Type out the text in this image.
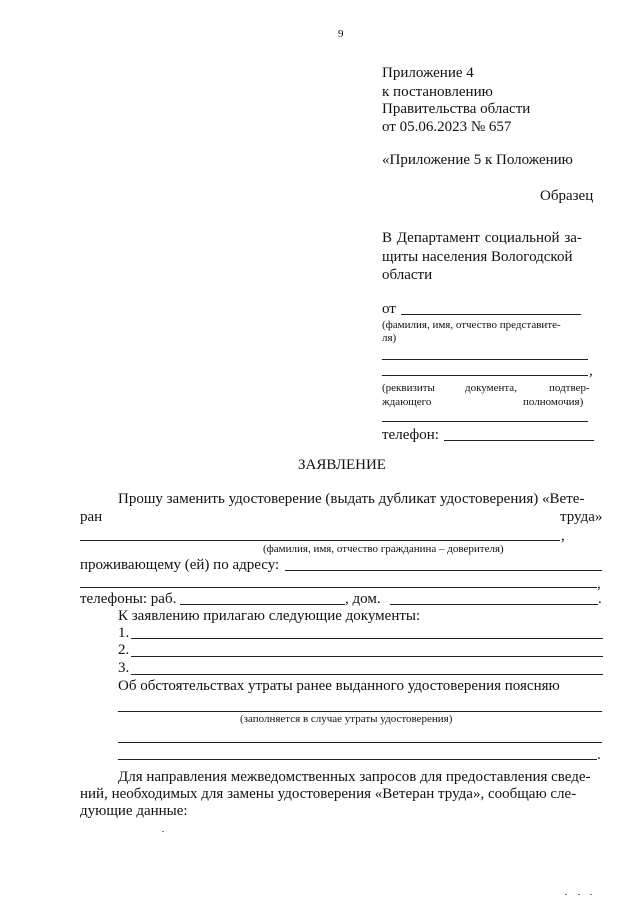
9
Приложение 4
к постановлению
Правительства области
от 05.06.2023 № 657
«Приложение 5 к Положению
Образец
В Департамент социальной за-
щиты населения Вологодской
области
от
(фамилия, имя, отчество представите-
ля)
,
(реквизиты	документа,	подтвер-
ждающего	полномочия)
телефон:
ЗАЯВЛЕНИЕ
Прошу заменить удостоверение (выдать дубликат удостоверения) «Вете-
ран	труда»
,
(фамилия, имя, отчество гражданина – доверителя)
проживающему (ей) по адресу:
,
телефоны: раб.	, дом.	.
К заявлению прилагаю следующие документы:
1.
2.
3.
Об обстоятельствах утраты ранее выданного удостоверения поясняю
(заполняется в случае утраты удостоверения)
.
Для направления межведомственных запросов для предоставления сведе-
ний, необходимых для замены удостоверения «Ветеран труда», сообщаю сле-
дующие данные:
